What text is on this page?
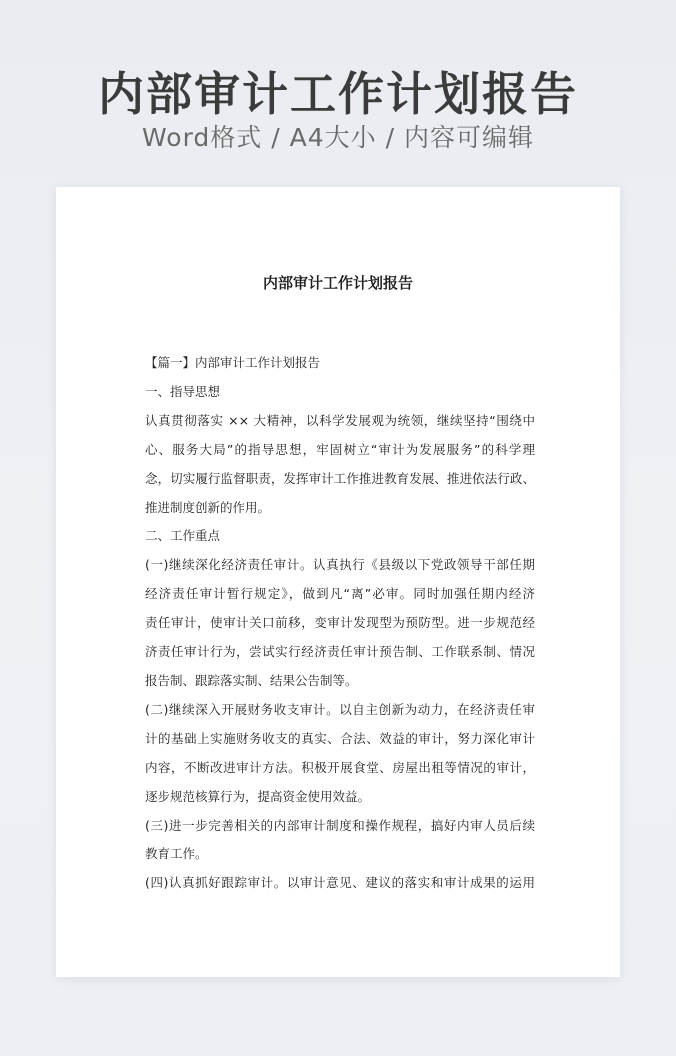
内部审计工作计划报告
Word格式 / A4大小 / 内容可编辑
内部审计工作计划报告
【篇一】内部审计工作计划报告
一、指导思想
认真贯彻落实 ×× 大精神，以科学发展观为统领，继续坚持“围绕中
心、服务大局”的指导思想，牢固树立“审计为发展服务”的科学理
念，切实履行监督职责，发挥审计工作推进教育发展、推进依法行政、
推进制度创新的作用。
二、工作重点
(一)继续深化经济责任审计。认真执行《县级以下党政领导干部任期
经济责任审计暂行规定》，做到凡“离”必审。同时加强任期内经济
责任审计，使审计关口前移，变审计发现型为预防型。进一步规范经
济责任审计行为，尝试实行经济责任审计预告制、工作联系制、情况
报告制、跟踪落实制、结果公告制等。
(二)继续深入开展财务收支审计。以自主创新为动力，在经济责任审
计的基础上实施财务收支的真实、合法、效益的审计，努力深化审计
内容，不断改进审计方法。积极开展食堂、房屋出租等情况的审计，
逐步规范核算行为，提高资金使用效益。
(三)进一步完善相关的内部审计制度和操作规程，搞好内审人员后续
教育工作。
(四)认真抓好跟踪审计。以审计意见、建议的落实和审计成果的运用
